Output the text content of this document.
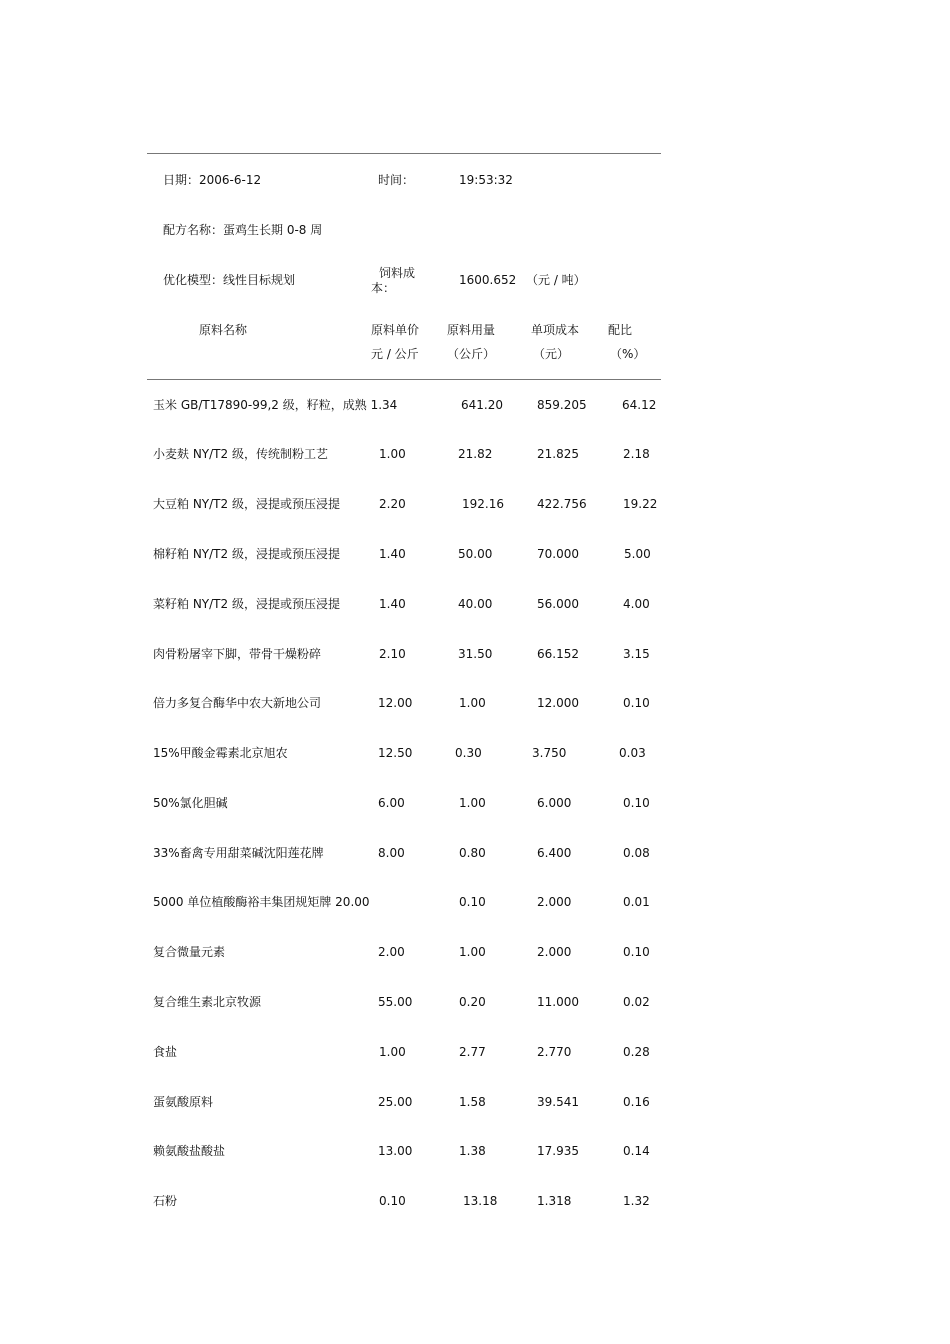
日期：2006-6-12	时间：	19:53:32
配方名称：蛋鸡生长期 0-8 周
优化模型：线性目标规划	饲料成
本：
1600.652 （元 / 吨）
原料名称	原料单价 原料用量	单项成本 配比
元 / 公斤 （公斤）	（元）	（%）
玉米 GB/T17890-99,2 级，籽粒，成熟 1.34	641.20	859.205	64.12
小麦麸 NY/T2 级，传统制粉工艺	1.00	21.82	21.825	2.18
大豆粕 NY/T2 级，浸提或预压浸提	2.20	192.16	422.756	19.22
棉籽粕 NY/T2 级，浸提或预压浸提	1.40	50.00	70.000	5.00
菜籽粕 NY/T2 级，浸提或预压浸提	1.40	40.00	56.000	4.00
肉骨粉屠宰下脚，带骨干燥粉碎	2.10	31.50	66.152	3.15
倍力多复合酶华中农大新地公司	12.00	1.00	12.000	0.10
15%甲酸金霉素北京旭农	12.50	0.30	3.750	0.03
50%氯化胆碱	6.00	1.00	6.000	0.10
33%畜禽专用甜菜碱沈阳莲花牌	8.00	0.80	6.400	0.08
5000 单位植酸酶裕丰集团规矩牌 20.00	0.10	2.000	0.01
复合微量元素	2.00	1.00	2.000	0.10
复合维生素北京牧源	55.00	0.20	11.000	0.02
食盐	1.00	2.77	2.770	0.28
蛋氨酸原料	25.00	1.58	39.541	0.16
赖氨酸盐酸盐	13.00	1.38	17.935	0.14
石粉	0.10	13.18	1.318	1.32
